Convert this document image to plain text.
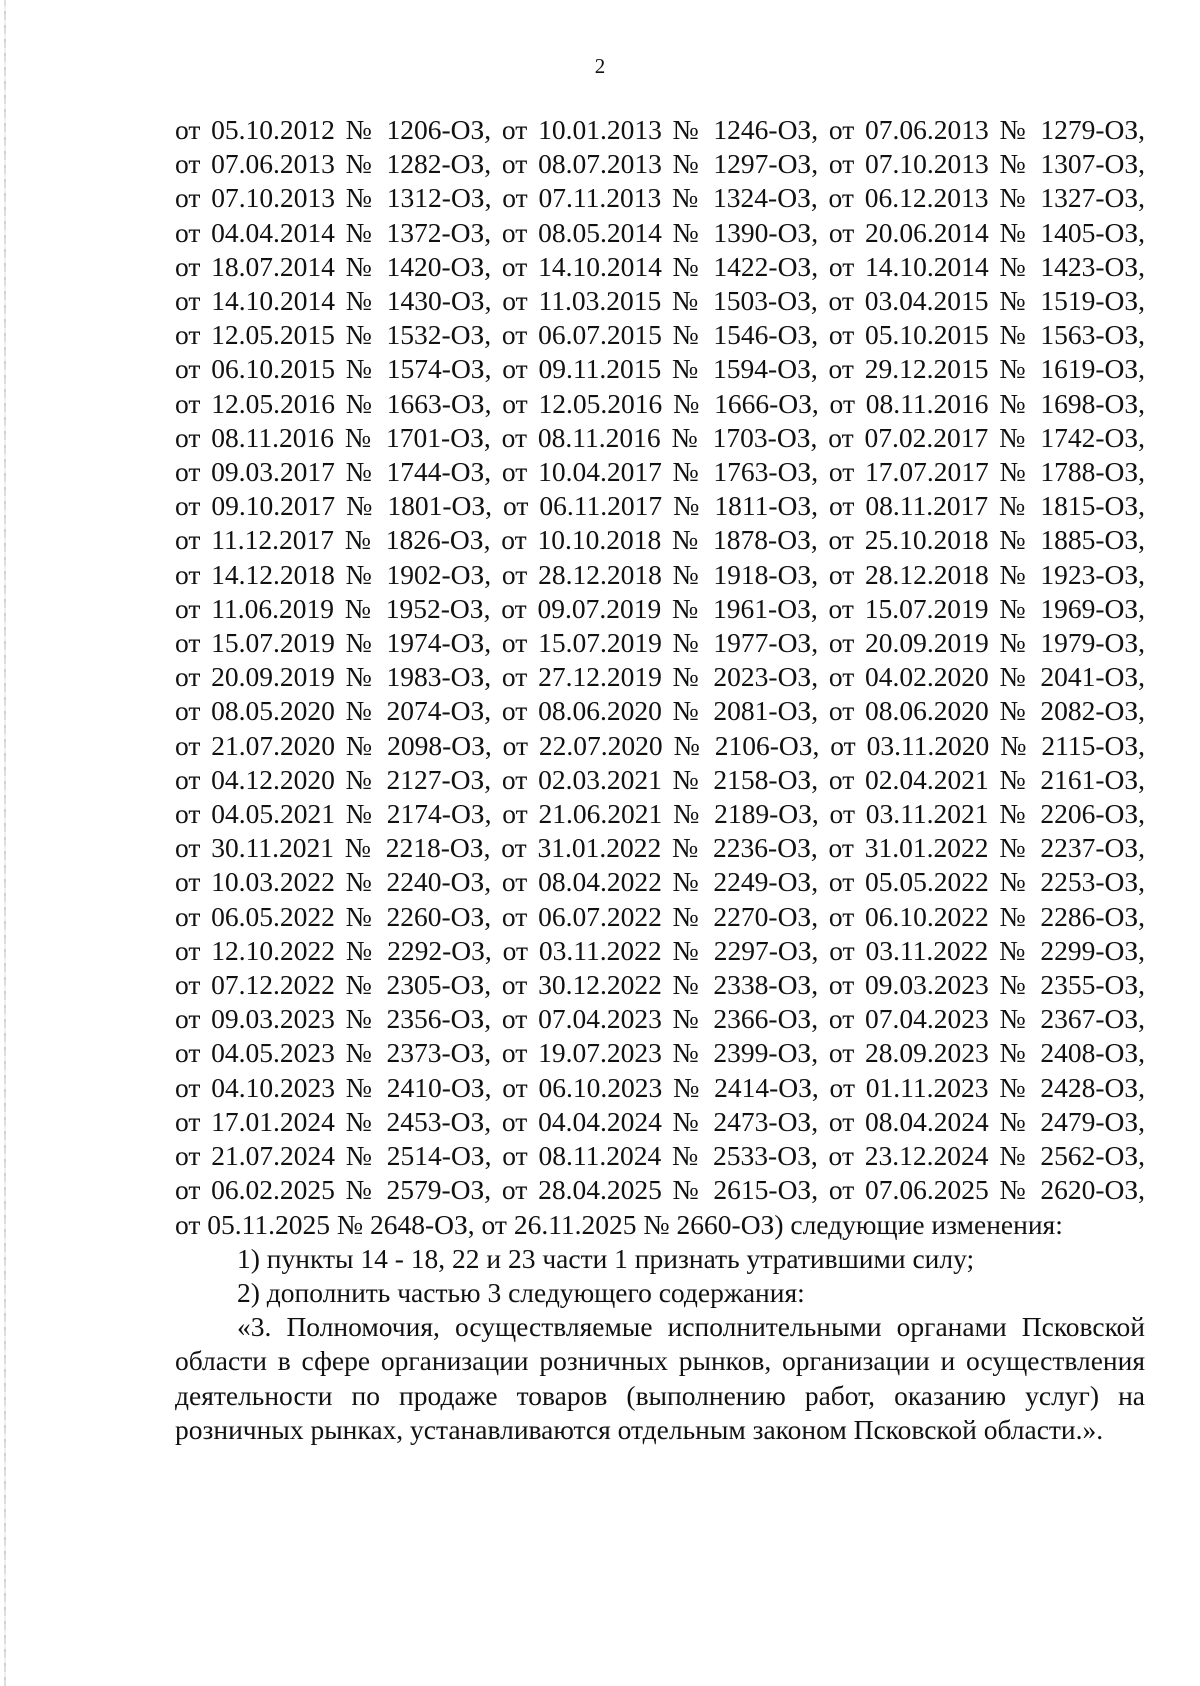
2
от 05.10.2012 № 1206-ОЗ, от 10.01.2013 № 1246-ОЗ, от 07.06.2013 № 1279-ОЗ,
от 07.06.2013 № 1282-ОЗ, от 08.07.2013 № 1297-ОЗ, от 07.10.2013 № 1307-ОЗ,
от 07.10.2013 № 1312-ОЗ, от 07.11.2013 № 1324-ОЗ, от 06.12.2013 № 1327-ОЗ,
от 04.04.2014 № 1372-ОЗ, от 08.05.2014 № 1390-ОЗ, от 20.06.2014 № 1405-ОЗ,
от 18.07.2014 № 1420-ОЗ, от 14.10.2014 № 1422-ОЗ, от 14.10.2014 № 1423-ОЗ,
от 14.10.2014 № 1430-ОЗ, от 11.03.2015 № 1503-ОЗ, от 03.04.2015 № 1519-ОЗ,
от 12.05.2015 № 1532-ОЗ, от 06.07.2015 № 1546-ОЗ, от 05.10.2015 № 1563-ОЗ,
от 06.10.2015 № 1574-ОЗ, от 09.11.2015 № 1594-ОЗ, от 29.12.2015 № 1619-ОЗ,
от 12.05.2016 № 1663-ОЗ, от 12.05.2016 № 1666-ОЗ, от 08.11.2016 № 1698-ОЗ,
от 08.11.2016 № 1701-ОЗ, от 08.11.2016 № 1703-ОЗ, от 07.02.2017 № 1742-ОЗ,
от 09.03.2017 № 1744-ОЗ, от 10.04.2017 № 1763-ОЗ, от 17.07.2017 № 1788-ОЗ,
от 09.10.2017 № 1801-ОЗ, от 06.11.2017 № 1811-ОЗ, от 08.11.2017 № 1815-ОЗ,
от 11.12.2017 № 1826-ОЗ, от 10.10.2018 № 1878-ОЗ, от 25.10.2018 № 1885-ОЗ,
от 14.12.2018 № 1902-ОЗ, от 28.12.2018 № 1918-ОЗ, от 28.12.2018 № 1923-ОЗ,
от 11.06.2019 № 1952-ОЗ, от 09.07.2019 № 1961-ОЗ, от 15.07.2019 № 1969-ОЗ,
от 15.07.2019 № 1974-ОЗ, от 15.07.2019 № 1977-ОЗ, от 20.09.2019 № 1979-ОЗ,
от 20.09.2019 № 1983-ОЗ, от 27.12.2019 № 2023-ОЗ, от 04.02.2020 № 2041-ОЗ,
от 08.05.2020 № 2074-ОЗ, от 08.06.2020 № 2081-ОЗ, от 08.06.2020 № 2082-ОЗ,
от 21.07.2020 № 2098-ОЗ, от 22.07.2020 № 2106-ОЗ, от 03.11.2020 № 2115-ОЗ,
от 04.12.2020 № 2127-ОЗ, от 02.03.2021 № 2158-ОЗ, от 02.04.2021 № 2161-ОЗ,
от 04.05.2021 № 2174-ОЗ, от 21.06.2021 № 2189-ОЗ, от 03.11.2021 № 2206-ОЗ,
от 30.11.2021 № 2218-ОЗ, от 31.01.2022 № 2236-ОЗ, от 31.01.2022 № 2237-ОЗ,
от 10.03.2022 № 2240-ОЗ, от 08.04.2022 № 2249-ОЗ, от 05.05.2022 № 2253-ОЗ,
от 06.05.2022 № 2260-ОЗ, от 06.07.2022 № 2270-ОЗ, от 06.10.2022 № 2286-ОЗ,
от 12.10.2022 № 2292-ОЗ, от 03.11.2022 № 2297-ОЗ, от 03.11.2022 № 2299-ОЗ,
от 07.12.2022 № 2305-ОЗ, от 30.12.2022 № 2338-ОЗ, от 09.03.2023 № 2355-ОЗ,
от 09.03.2023 № 2356-ОЗ, от 07.04.2023 № 2366-ОЗ, от 07.04.2023 № 2367-ОЗ,
от 04.05.2023 № 2373-ОЗ, от 19.07.2023 № 2399-ОЗ, от 28.09.2023 № 2408-ОЗ,
от 04.10.2023 № 2410-ОЗ, от 06.10.2023 № 2414-ОЗ, от 01.11.2023 № 2428-ОЗ,
от 17.01.2024 № 2453-ОЗ, от 04.04.2024 № 2473-ОЗ, от 08.04.2024 № 2479-ОЗ,
от 21.07.2024 № 2514-ОЗ, от 08.11.2024 № 2533-ОЗ, от 23.12.2024 № 2562-ОЗ,
от 06.02.2025 № 2579-ОЗ, от 28.04.2025 № 2615-ОЗ, от 07.06.2025 № 2620-ОЗ,
от 05.11.2025 № 2648-ОЗ, от 26.11.2025 № 2660-ОЗ) следующие изменения:
1) пункты 14 - 18, 22 и 23 части 1 признать утратившими силу;
2) дополнить частью 3 следующего содержания:
«3. Полномочия, осуществляемые исполнительными органами Псковской области в сфере организации розничных рынков, организации и осуществления деятельности по продаже товаров (выполнению работ, оказанию услуг) на розничных рынках, устанавливаются отдельным законом Псковской области.».
